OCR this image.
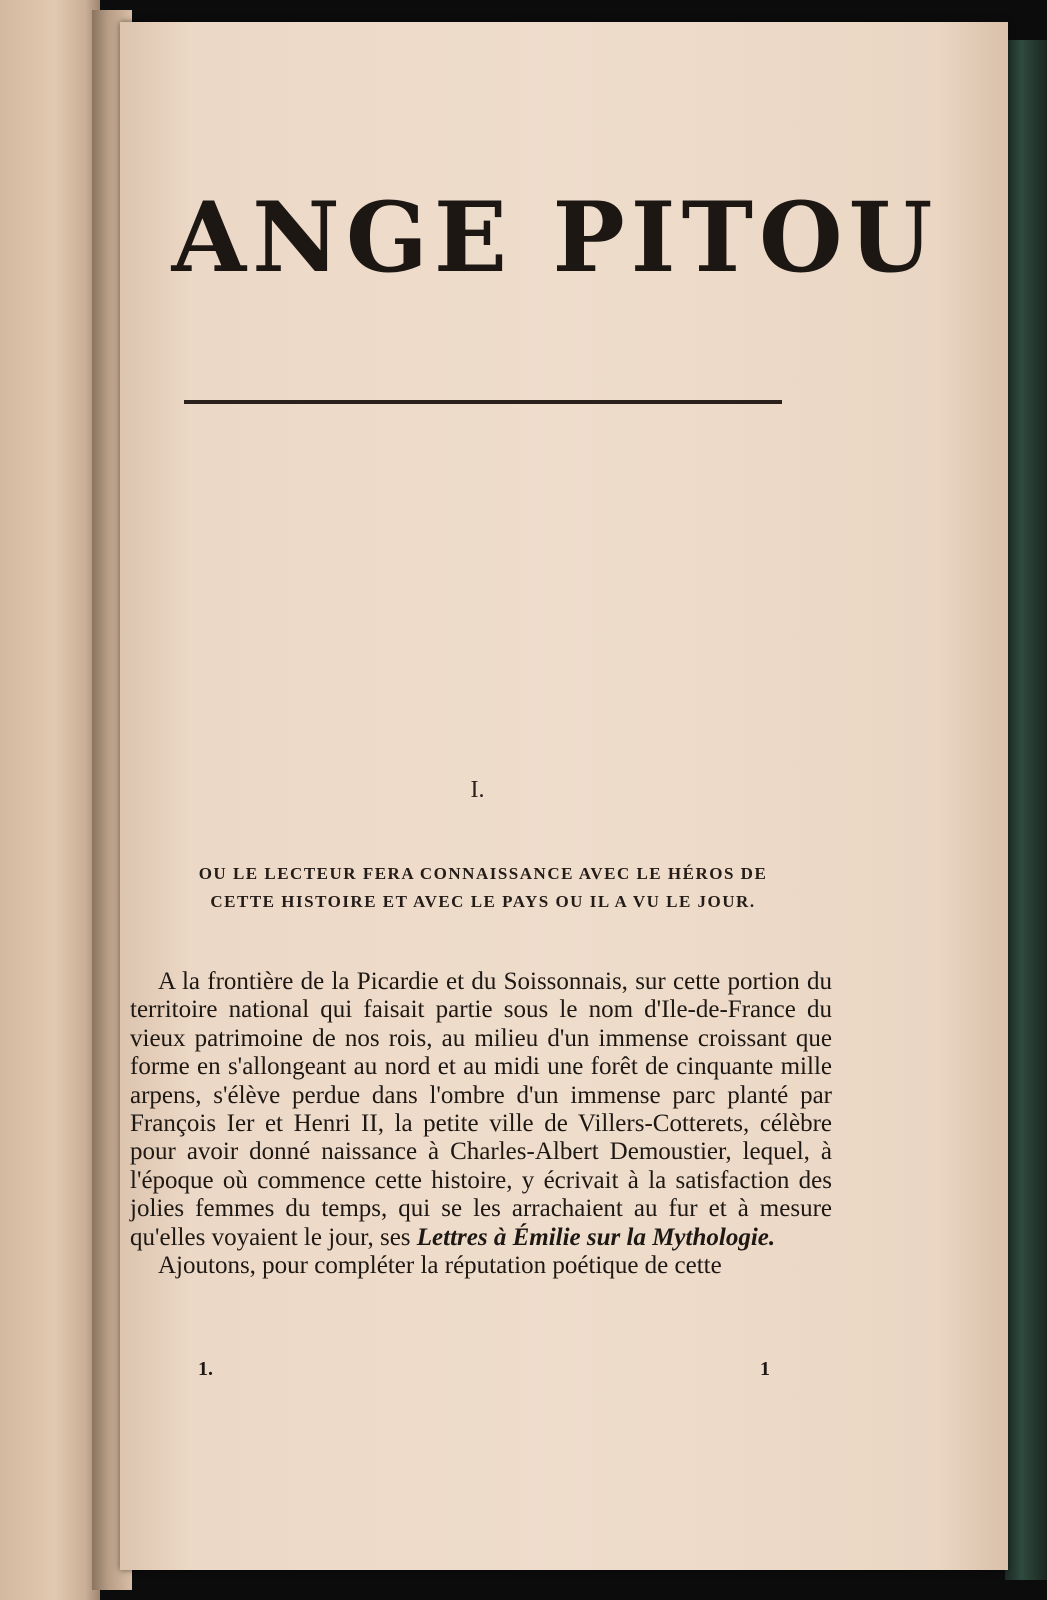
ANGE PITOU
I.
OU LE LECTEUR FERA CONNAISSANCE AVEC LE HÉROS DE
CETTE HISTOIRE ET AVEC LE PAYS OU IL A VU LE JOUR.

A la frontière de la Picardie et du Soissonnais, sur cette portion du territoire national qui faisait partie sous le nom d'Ile-de-France du vieux patrimoine de nos rois, au milieu d'un immense croissant que forme en s'allongeant au nord et au midi une forêt de cinquante mille arpens, s'élève perdue dans l'ombre d'un immense parc planté par François Ier et Henri II, la petite ville de Villers-Cotterets, célèbre pour avoir donné naissance à Charles-Albert Demoustier, lequel, à l'époque où commence cette histoire, y écrivait à la satisfaction des jolies femmes du temps, qui se les arrachaient au fur et à mesure qu'elles voyaient le jour, ses Lettres à Émilie sur la Mythologie.

Ajoutons, pour compléter la réputation poétique de cette

1.	1
